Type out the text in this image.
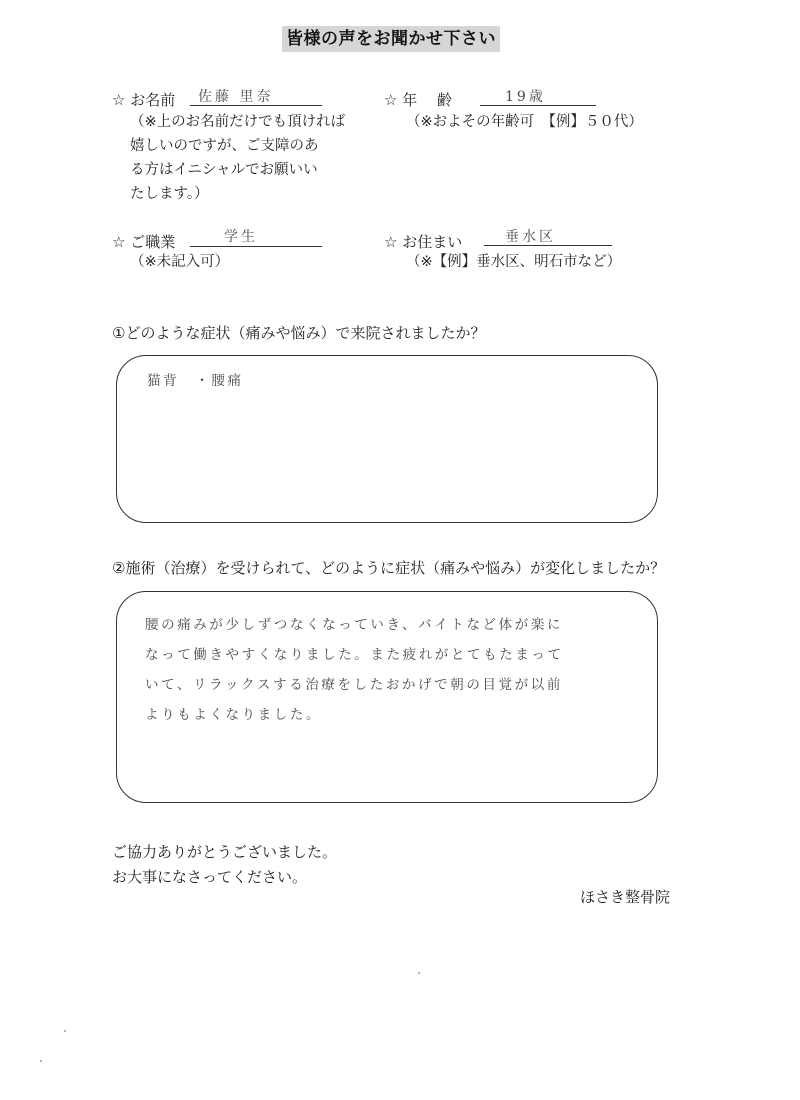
皆様の声をお聞かせ下さい
☆ お名前 佐藤 里奈
（※上のお名前だけでも頂ければ
嬉しいのですが、ご支障のあ
る方はイニシャルでお願いい
たします。）
☆ 年　 齢	19歳
（※およその年齢可　【例】５０代）
☆ ご職業	学生
（※未記入可）
☆ お住まい	垂水区
（※【例】垂水区、明石市など）
①どのような症状（痛みや悩み）で来院されましたか？
猫背　・腰痛
②施術（治療）を受けられて、どのように症状（痛みや悩み）が変化しましたか？
腰の痛みが少しずつなくなっていき、バイトなど体が楽に
なって働きやすくなりました。また疲れがとてもたまって
いて、リラックスする治療をしたおかげで朝の目覚が以前
よりもよくなりました。
ご協力ありがとうございました。
お大事になさってください。
ほさき整骨院
